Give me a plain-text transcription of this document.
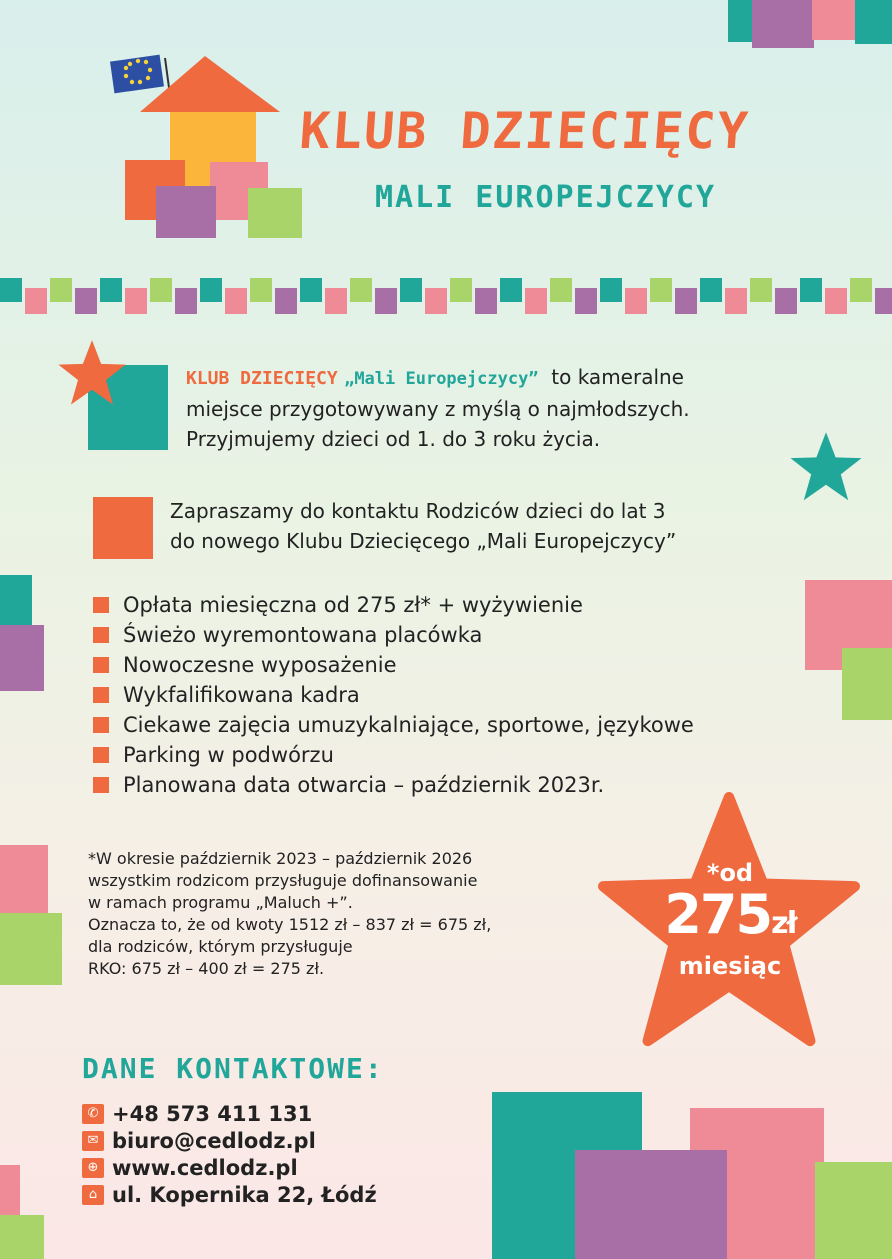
KLUB DZIECIĘCY
MALI EUROPEJCZYCY
KLUB DZIECIĘCY „Mali Europejczycy” to kameralne
miejsce przygotowywany z myślą o najmłodszych.
Przyjmujemy dzieci od 1. do 3 roku życia.
Zapraszamy do kontaktu Rodziców dzieci do lat 3
do nowego Klubu Dziecięcego „Mali Europejczycy”
Opłata miesięczna od 275 zł* + wyżywienie
Świeżo wyremontowana placówka
Nowoczesne wyposażenie
Wykfalifikowana kadra
Ciekawe zajęcia umuzykalniające, sportowe, językowe
Parking w podwórzu
Planowana data otwarcia – październik 2023r.
*W okresie październik 2023 – październik 2026
wszystkim rodzicom przysługuje dofinansowanie
w ramach programu „Maluch +”.
Oznacza to, że od kwoty 1512 zł – 837 zł = 675 zł,
dla rodziców, którym przysługuje
RKO: 675 zł – 400 zł = 275 zł.
*od
275zł
miesiąc
DANE KONTAKTOWE:
✆ +48 573 411 131
✉ biuro@cedlodz.pl
⊕ www.cedlodz.pl
⌂ ul. Kopernika 22, Łódź
